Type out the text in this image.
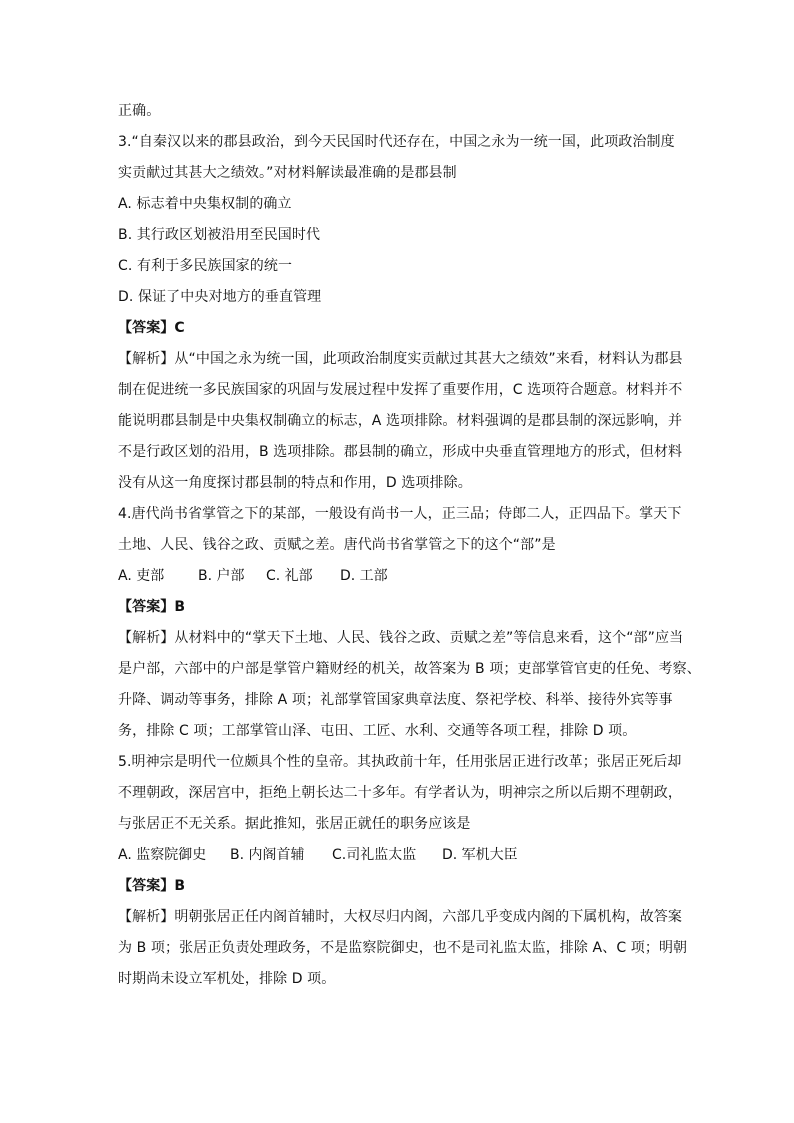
正确。
3.“自秦汉以来的郡县政治，到今天民国时代还存在，中国之永为一统一国，此项政治制度
实贡献过其甚大之绩效。”对材料解读最准确的是郡县制
A. 标志着中央集权制的确立
B. 其行政区划被沿用至民国时代
C. 有利于多民族国家的统一
D. 保证了中央对地方的垂直管理
【答案】C
【解析】从“中国之永为统一国，此项政治制度实贡献过其甚大之绩效”来看，材料认为郡县
制在促进统一多民族国家的巩固与发展过程中发挥了重要作用，C 选项符合题意。材料并不
能说明郡县制是中央集权制确立的标志，A 选项排除。材料强调的是郡县制的深远影响，并
不是行政区划的沿用，B 选项排除。郡县制的确立，形成中央垂直管理地方的形式，但材料
没有从这一角度探讨郡县制的特点和作用，D 选项排除。
4.唐代尚书省掌管之下的某部，一般设有尚书一人，正三品；侍郎二人，正四品下。掌天下
土地、人民、钱谷之政、贡赋之差。唐代尚书省掌管之下的这个“部”是
A. 吏部 B. 户部 C. 礼部 D. 工部
【答案】B
【解析】从材料中的“掌天下土地、人民、钱谷之政、贡赋之差”等信息来看，这个“部”应当
是户部，六部中的户部是掌管户籍财经的机关，故答案为 B 项；吏部掌管官吏的任免、考察、
升降、调动等事务，排除 A 项；礼部掌管国家典章法度、祭祀学校、科举、接待外宾等事
务，排除 C 项；工部掌管山泽、屯田、工匠、水利、交通等各项工程，排除 D 项。
5.明神宗是明代一位颇具个性的皇帝。其执政前十年，任用张居正进行改革；张居正死后却
不理朝政，深居宫中，拒绝上朝长达二十多年。有学者认为，明神宗之所以后期不理朝政，
与张居正不无关系。据此推知，张居正就任的职务应该是
A. 监察院御史 B. 内阁首辅 C.司礼监太监 D. 军机大臣
【答案】B
【解析】明朝张居正任内阁首辅时，大权尽归内阁，六部几乎变成内阁的下属机构，故答案
为 B 项；张居正负责处理政务，不是监察院御史，也不是司礼监太监，排除 A、C 项；明朝
时期尚未设立军机处，排除 D 项。
